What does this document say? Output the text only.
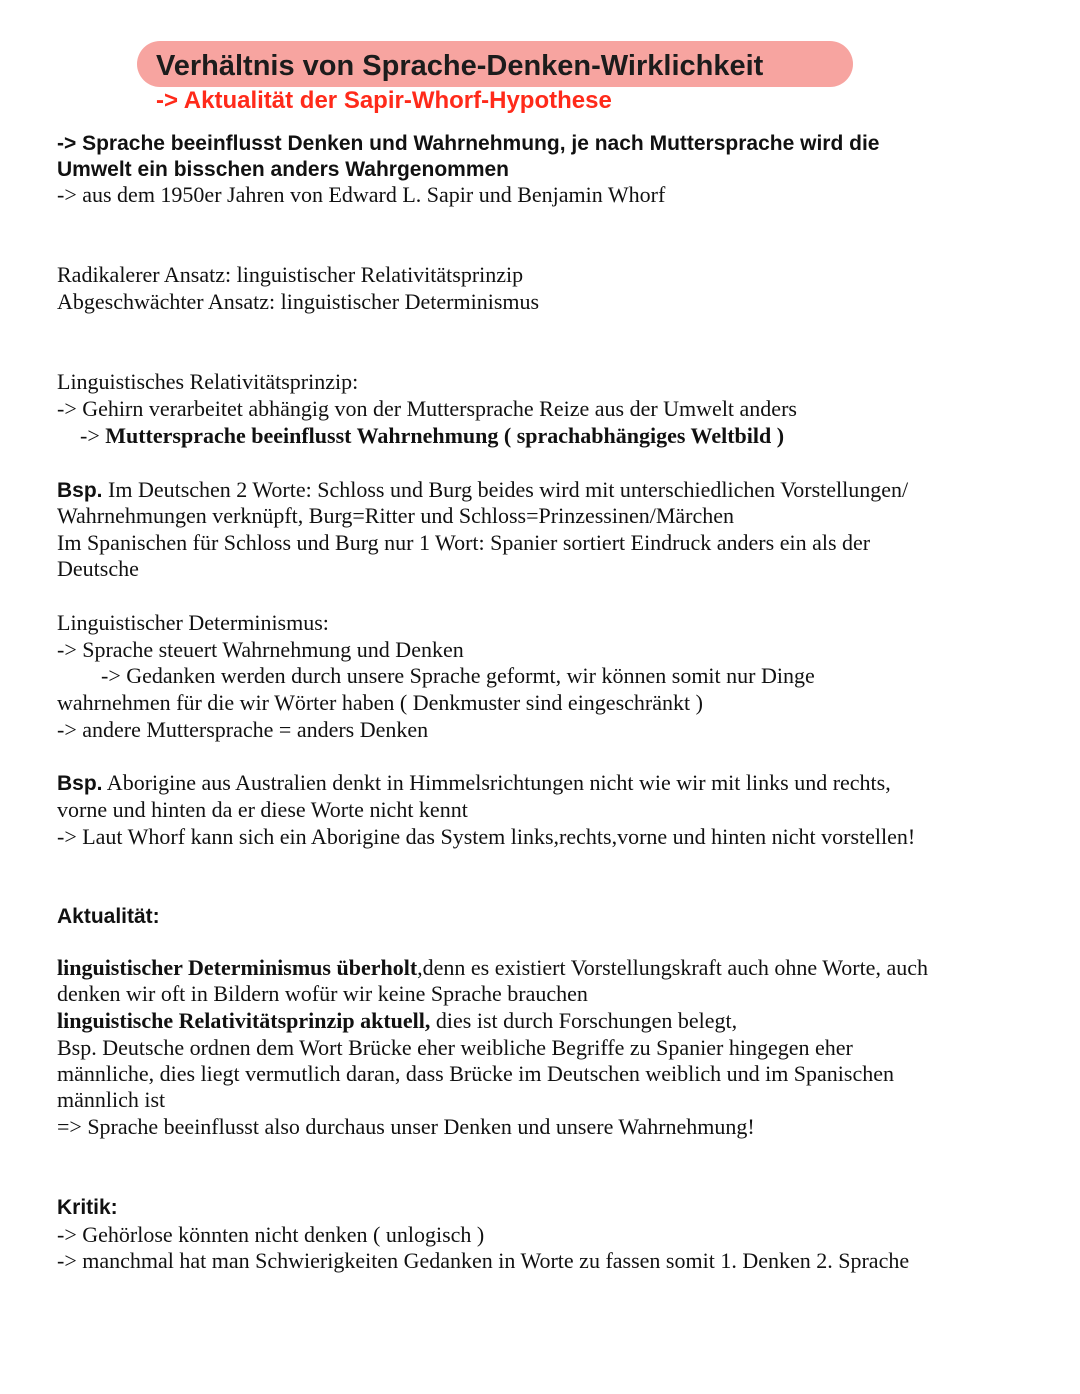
Verhältnis von Sprache-Denken-Wirklichkeit
-> Aktualität der Sapir-Whorf-Hypothese
-> Sprache beeinflusst Denken und Wahrnehmung, je nach Muttersprache wird die
Umwelt ein bisschen anders Wahrgenommen
-> aus dem 1950er Jahren von Edward L. Sapir und Benjamin Whorf
Radikalerer Ansatz: linguistischer Relativitätsprinzip
Abgeschwächter Ansatz: linguistischer Determinismus
Linguistisches Relativitätsprinzip:
-> Gehirn verarbeitet abhängig von der Muttersprache Reize aus der Umwelt anders
-> Muttersprache beeinflusst Wahrnehmung ( sprachabhängiges Weltbild )
Bsp. Im Deutschen 2 Worte: Schloss und Burg beides wird mit unterschiedlichen Vorstellungen/
Wahrnehmungen verknüpft, Burg=Ritter und Schloss=Prinzessinen/Märchen
Im Spanischen für Schloss und Burg nur 1 Wort: Spanier sortiert Eindruck anders ein als der
Deutsche
Linguistischer Determinismus:
-> Sprache steuert Wahrnehmung und Denken
-> Gedanken werden durch unsere Sprache geformt, wir können somit nur Dinge
wahrnehmen für die wir Wörter haben ( Denkmuster sind eingeschränkt )
-> andere Muttersprache = anders Denken
Bsp. Aborigine aus Australien denkt in Himmelsrichtungen nicht wie wir mit links und rechts,
vorne und hinten da er diese Worte nicht kennt
-> Laut Whorf kann sich ein Aborigine das System links,rechts,vorne und hinten nicht vorstellen!
Aktualität:
linguistischer Determinismus überholt,denn es existiert Vorstellungskraft auch ohne Worte, auch
denken wir oft in Bildern wofür wir keine Sprache brauchen
linguistische Relativitätsprinzip aktuell, dies ist durch Forschungen belegt,
Bsp. Deutsche ordnen dem Wort Brücke eher weibliche Begriffe zu Spanier hingegen eher
männliche, dies liegt vermutlich daran, dass Brücke im Deutschen weiblich und im Spanischen
männlich ist
=> Sprache beeinflusst also durchaus unser Denken und unsere Wahrnehmung!
Kritik:
-> Gehörlose könnten nicht denken ( unlogisch )
-> manchmal hat man Schwierigkeiten Gedanken in Worte zu fassen somit 1. Denken 2. Sprache
